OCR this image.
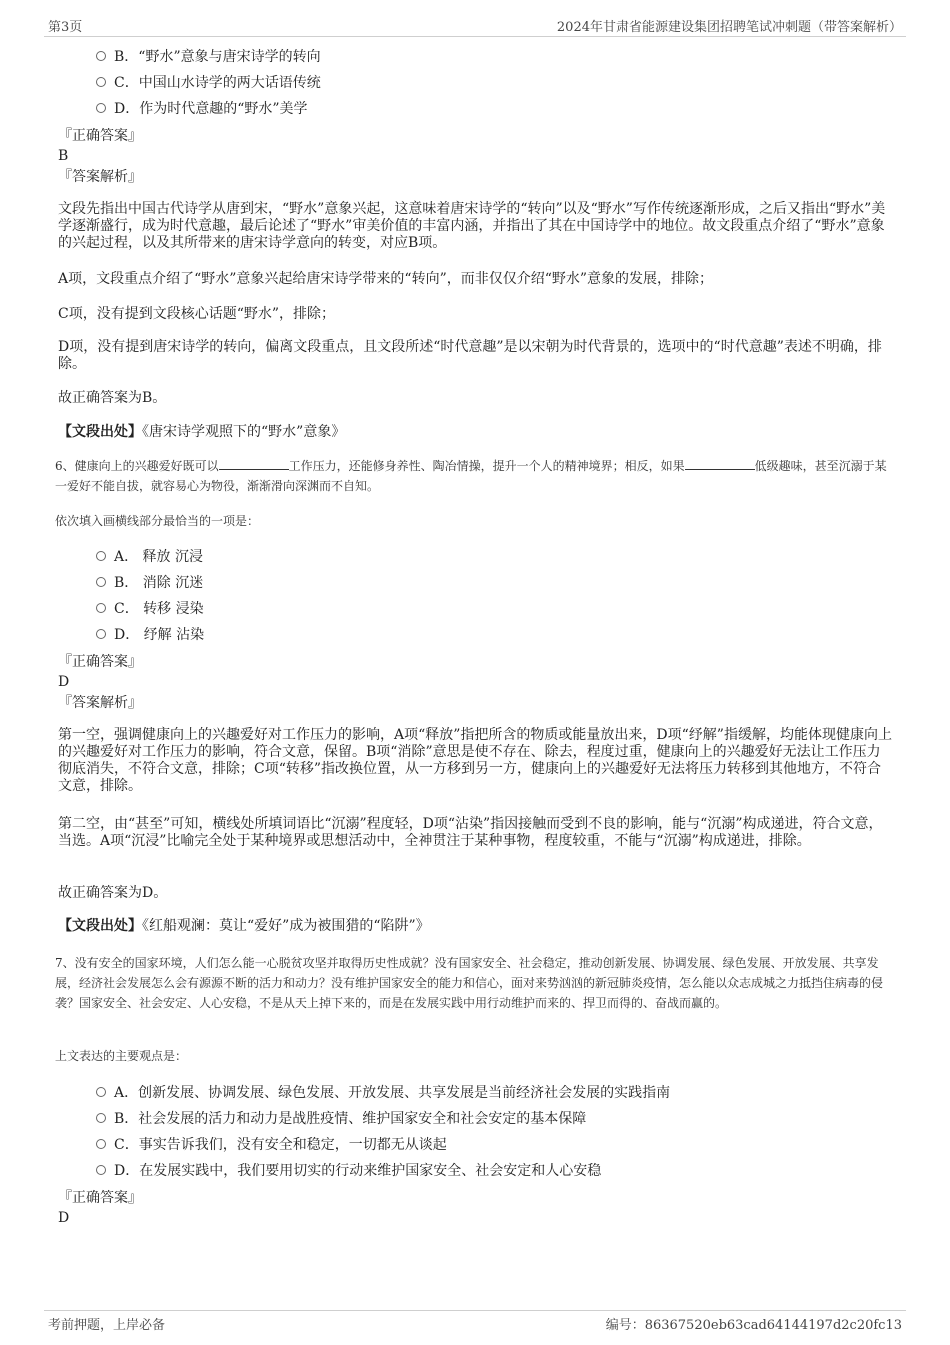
第3页	2024年甘肃省能源建设集团招聘笔试冲刺题（带答案解析）
B．“野水”意象与唐宋诗学的转向
C．中国山水诗学的两大话语传统
D．作为时代意趣的“野水”美学
『正确答案』
B
『答案解析』
文段先指出中国古代诗学从唐到宋，“野水”意象兴起，这意味着唐宋诗学的“转向”以及“野水”写作传统逐渐形成，之后又指出“野水”美学逐渐盛行，成为时代意趣，最后论述了“野水”审美价值的丰富内涵，并指出了其在中国诗学中的地位。故文段重点介绍了“野水”意象的兴起过程，以及其所带来的唐宋诗学意向的转变，对应B项。
A项，文段重点介绍了“野水”意象兴起给唐宋诗学带来的“转向”，而非仅仅介绍“野水”意象的发展，排除；
C项，没有提到文段核心话题“野水”，排除；
D项，没有提到唐宋诗学的转向，偏离文段重点，且文段所述“时代意趣”是以宋朝为时代背景的，选项中的“时代意趣”表述不明确，排除。
故正确答案为B。
【文段出处】《唐宋诗学观照下的“野水”意象》
6、健康向上的兴趣爱好既可以	工作压力，还能修身养性、陶冶情操，提升一个人的精神境界；相反，如果	低级趣味，甚至沉溺于某一爱好不能自拔，就容易心为物役，渐渐滑向深渊而不自知。
依次填入画横线部分最恰当的一项是：
A． 释放 沉浸
B． 消除 沉迷
C． 转移 浸染
D． 纾解 沾染
『正确答案』
D
『答案解析』
第一空，强调健康向上的兴趣爱好对工作压力的影响，A项“释放”指把所含的物质或能量放出来，D项“纾解”指缓解，均能体现健康向上的兴趣爱好对工作压力的影响，符合文意，保留。B项“消除”意思是使不存在、除去，程度过重，健康向上的兴趣爱好无法让工作压力彻底消失，不符合文意，排除；C项“转移”指改换位置，从一方移到另一方，健康向上的兴趣爱好无法将压力转移到其他地方，不符合文意，排除。
第二空，由“甚至”可知，横线处所填词语比“沉溺”程度轻，D项“沾染”指因接触而受到不良的影响，能与“沉溺”构成递进，符合文意，当选。A项“沉浸”比喻完全处于某种境界或思想活动中，全神贯注于某种事物，程度较重，不能与“沉溺”构成递进，排除。
故正确答案为D。
【文段出处】《红船观澜：莫让“爱好”成为被围猎的“陷阱”》
7、没有安全的国家环境，人们怎么能一心脱贫攻坚并取得历史性成就？没有国家安全、社会稳定，推动创新发展、协调发展、绿色发展、开放发展、共享发展，经济社会发展怎么会有源源不断的活力和动力？没有维护国家安全的能力和信心，面对来势汹汹的新冠肺炎疫情，怎么能以众志成城之力抵挡住病毒的侵袭？国家安全、社会安定、人心安稳，不是从天上掉下来的，而是在发展实践中用行动维护而来的、捍卫而得的、奋战而赢的。
上文表达的主要观点是：
A．创新发展、协调发展、绿色发展、开放发展、共享发展是当前经济社会发展的实践指南
B．社会发展的活力和动力是战胜疫情、维护国家安全和社会安定的基本保障
C．事实告诉我们，没有安全和稳定，一切都无从谈起
D．在发展实践中，我们要用切实的行动来维护国家安全、社会安定和人心安稳
『正确答案』
D
考前押题，上岸必备	编号：86367520eb63cad64144197d2c20fc13
